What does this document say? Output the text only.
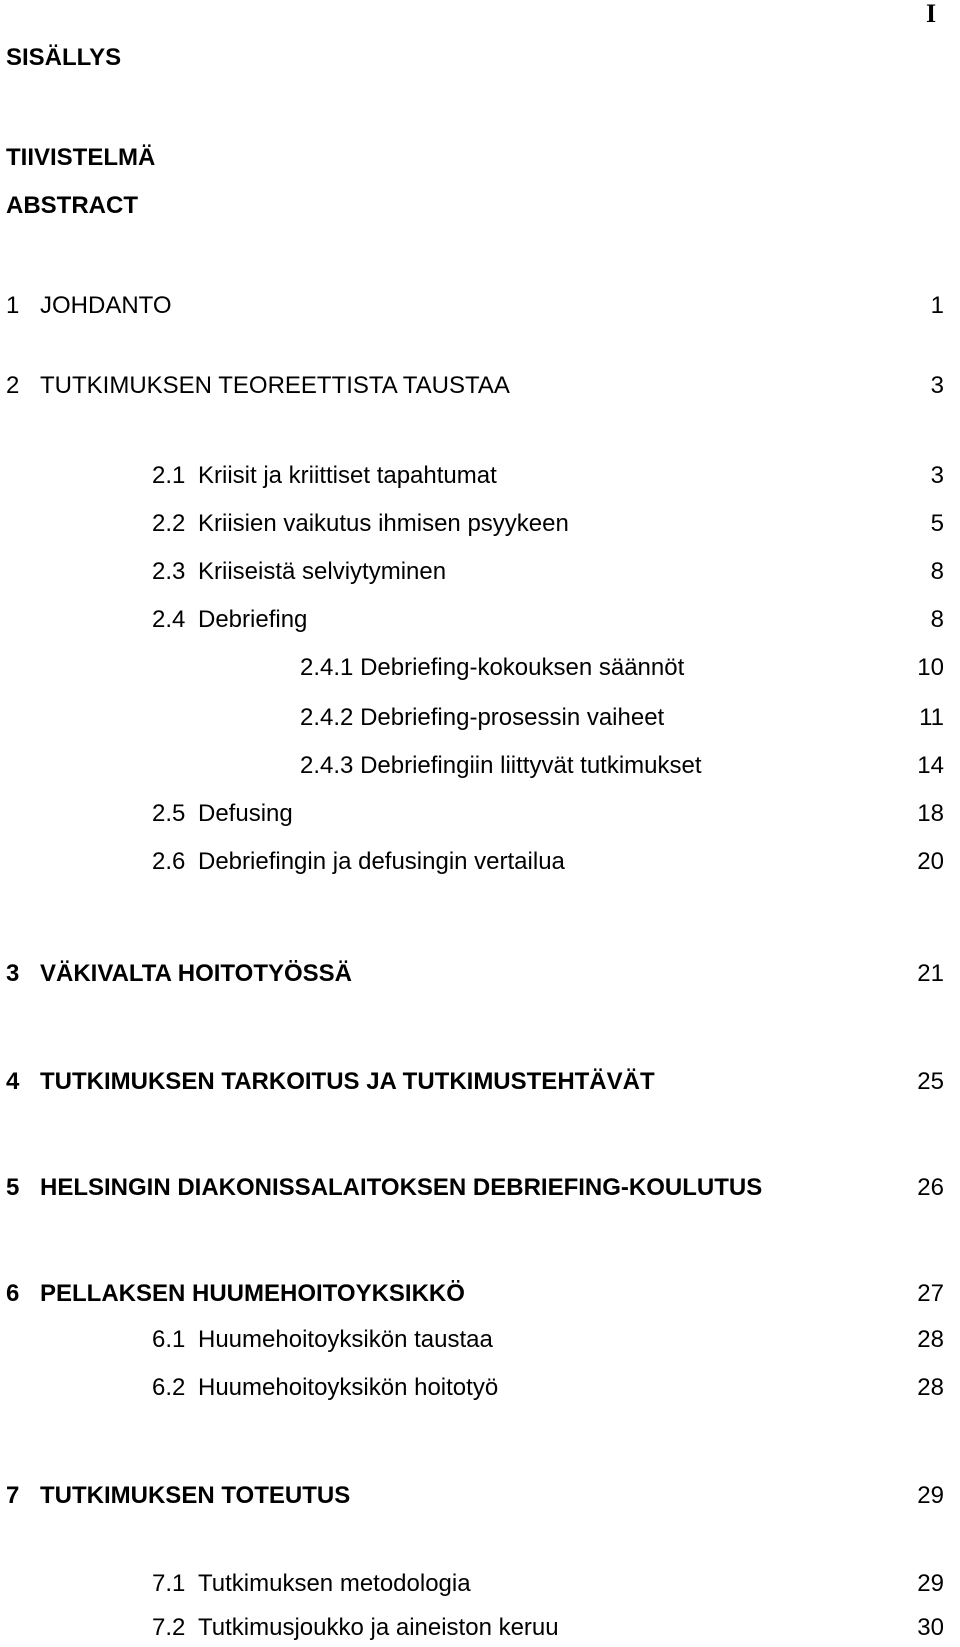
I
SISÄLLYS
TIIVISTELMÄ
ABSTRACT
1 JOHDANTO	1
2 TUTKIMUKSEN TEOREETTISTA TAUSTAA	3
2.1 Kriisit ja kriittiset tapahtumat	3
2.2 Kriisien vaikutus ihmisen psyykeen	5
2.3 Kriiseistä selviytyminen	8
2.4 Debriefing	8
2.4.1 Debriefing-kokouksen säännöt	10
2.4.2 Debriefing-prosessin vaiheet	11
2.4.3 Debriefingiin liittyvät tutkimukset	14
2.5 Defusing	18
2.6 Debriefingin ja defusingin vertailua	20
3 VÄKIVALTA HOITOTYÖSSÄ	21
4 TUTKIMUKSEN TARKOITUS JA TUTKIMUSTEHTÄVÄT	25
5 HELSINGIN DIAKONISSALAITOKSEN DEBRIEFING-KOULUTUS	26
6 PELLAKSEN HUUMEHOITOYKSIKKÖ	27
6.1 Huumehoitoyksikön taustaa	28
6.2 Huumehoitoyksikön hoitotyö	28
7 TUTKIMUKSEN TOTEUTUS	29
7.1 Tutkimuksen metodologia	29
7.2 Tutkimusjoukko ja aineiston keruu	30
